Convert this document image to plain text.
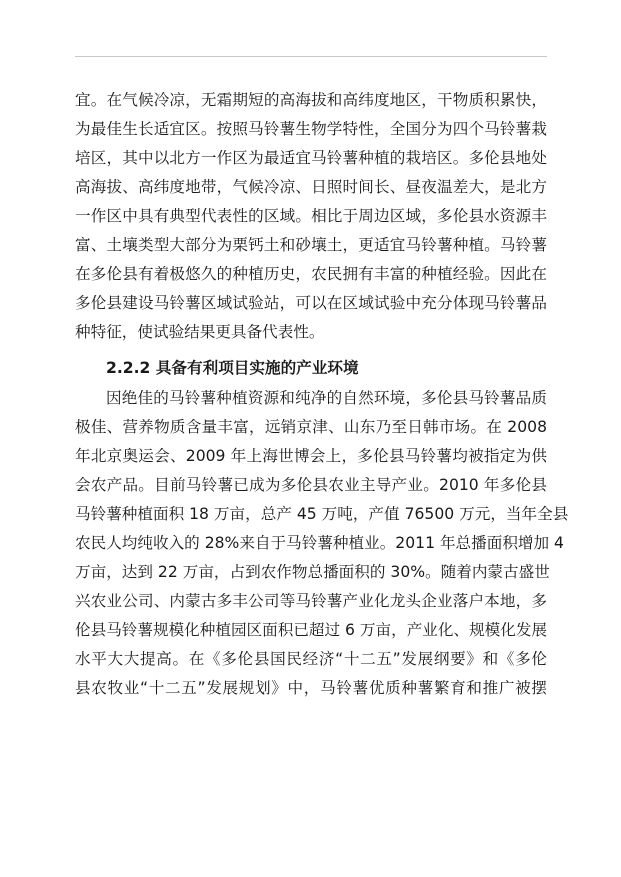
宜。在气候冷凉，无霜期短的高海拔和高纬度地区，干物质积累快，
为最佳生长适宜区。按照马铃薯生物学特性，全国分为四个马铃薯栽
培区，其中以北方一作区为最适宜马铃薯种植的栽培区。多伦县地处
高海拔、高纬度地带，气候冷凉、日照时间长、昼夜温差大，是北方
一作区中具有典型代表性的区域。相比于周边区域，多伦县水资源丰
富、土壤类型大部分为栗钙土和砂壤土，更适宜马铃薯种植。马铃薯
在多伦县有着极悠久的种植历史，农民拥有丰富的种植经验。因此在
多伦县建设马铃薯区域试验站，可以在区域试验中充分体现马铃薯品
种特征，使试验结果更具备代表性。
2.2.2 具备有利项目实施的产业环境
因绝佳的马铃薯种植资源和纯净的自然环境，多伦县马铃薯品质
极佳、营养物质含量丰富，远销京津、山东乃至日韩市场。在 2008
年北京奥运会、2009 年上海世博会上，多伦县马铃薯均被指定为供
会农产品。目前马铃薯已成为多伦县农业主导产业。2010 年多伦县
马铃薯种植面积 18 万亩，总产 45 万吨，产值 76500 万元，当年全县
农民人均纯收入的 28%来自于马铃薯种植业。2011 年总播面积增加 4
万亩，达到 22 万亩，占到农作物总播面积的 30%。随着内蒙古盛世
兴农业公司、内蒙古多丰公司等马铃薯产业化龙头企业落户本地，多
伦县马铃薯规模化种植园区面积已超过 6 万亩，产业化、规模化发展
水平大大提高。在《多伦县国民经济“十二五”发展纲要》和《多伦
县农牧业“十二五”发展规划》中，马铃薯优质种薯繁育和推广被摆
